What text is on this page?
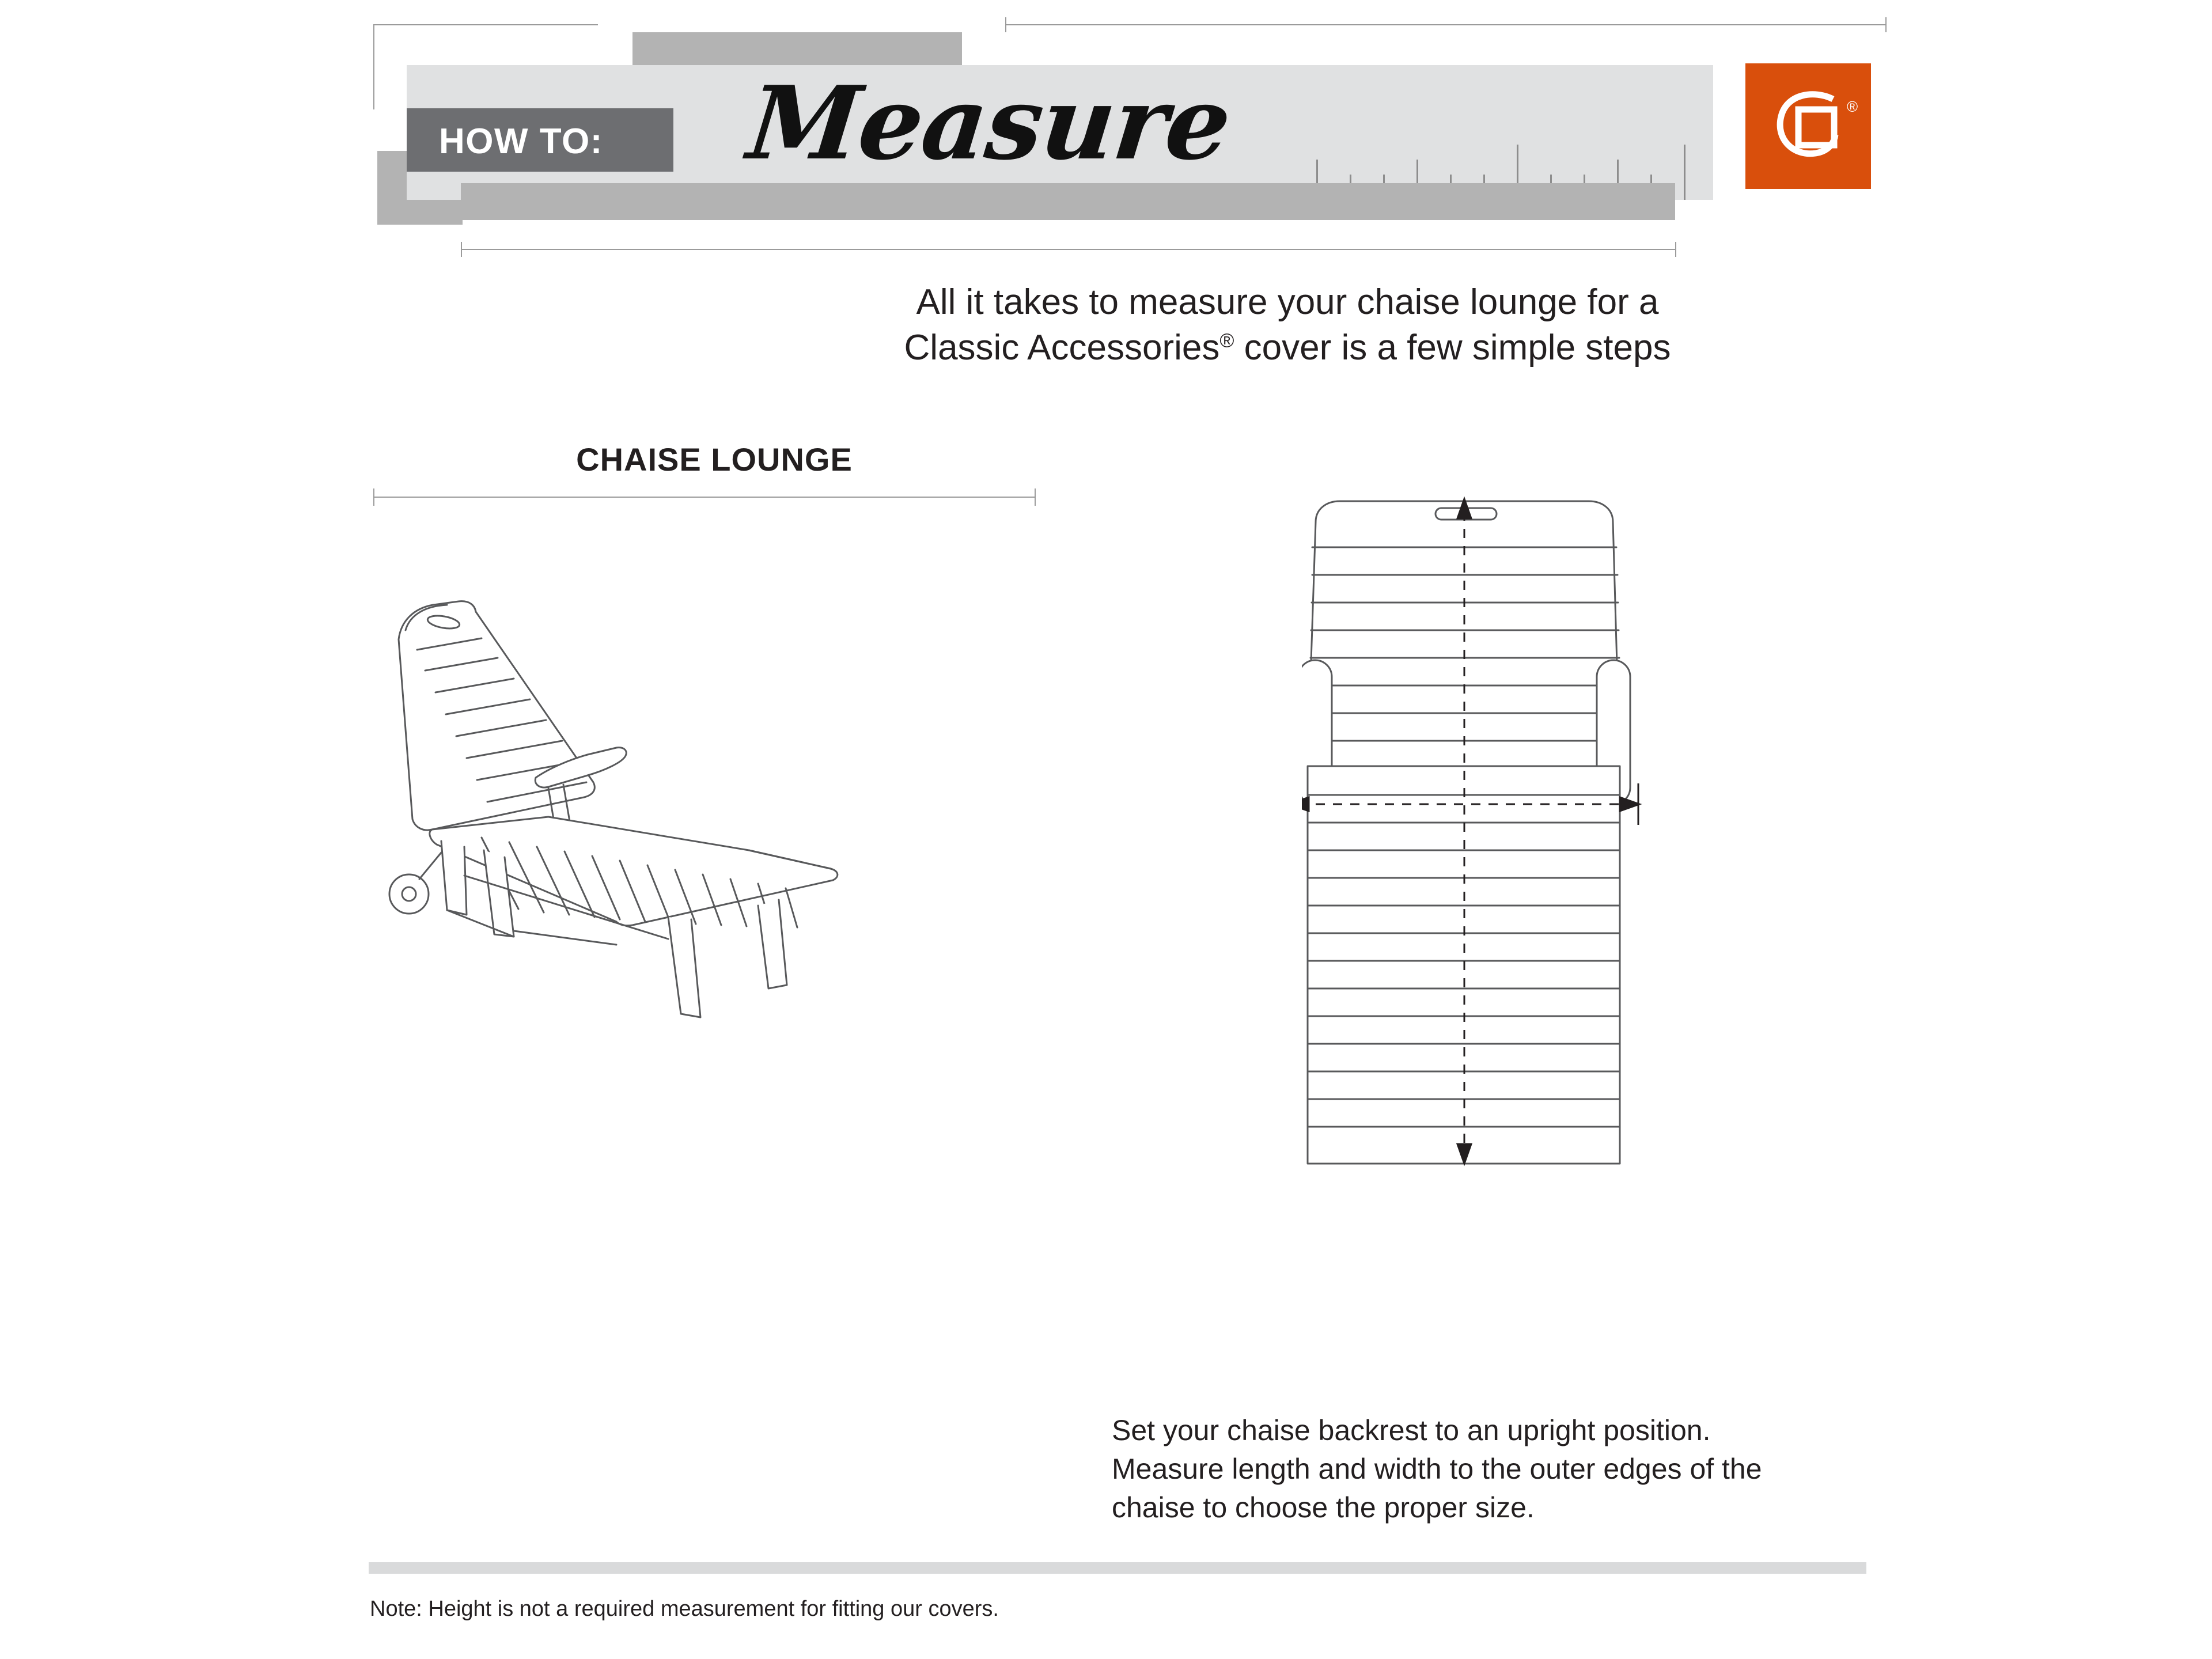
HOW TO: Measure	®
All it takes to measure your chaise lounge for a
Classic Accessories® cover is a few simple steps
CHAISE LOUNGE
Set your chaise backrest to an upright position.
Measure length and width to the outer edges of the
chaise to choose the proper size.
Note: Height is not a required measurement for fitting our covers.
